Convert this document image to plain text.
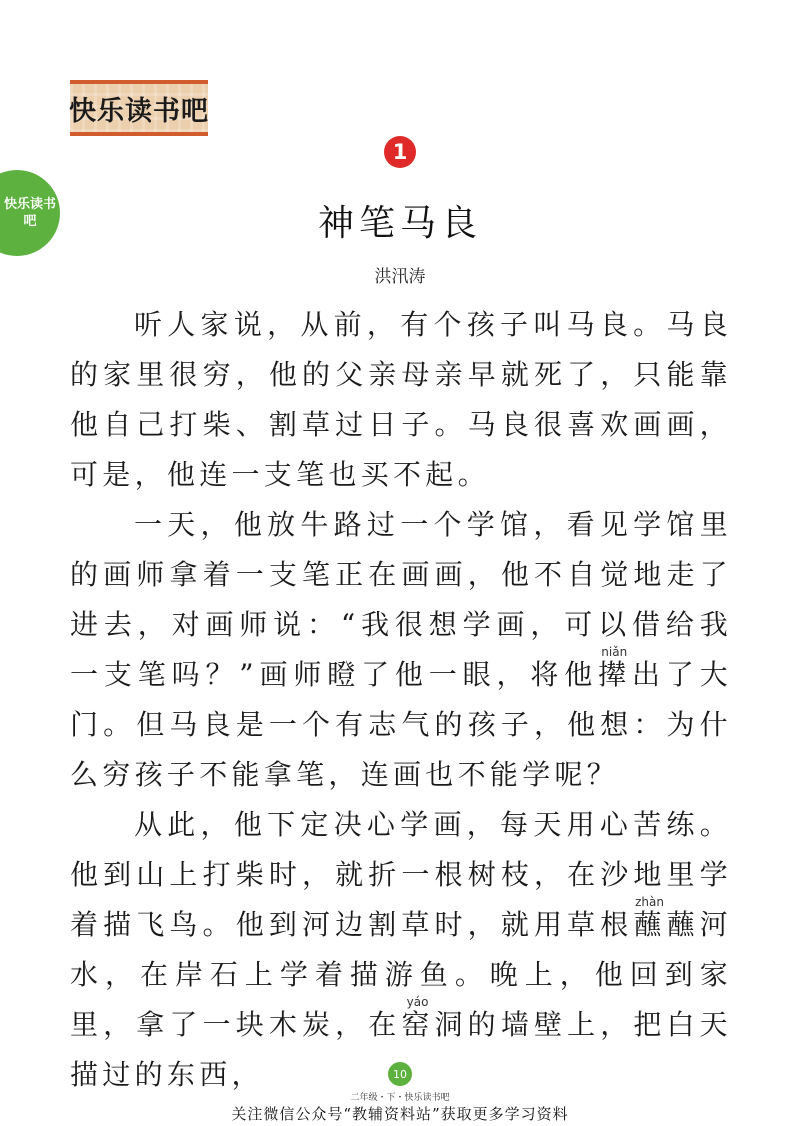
快乐读书吧
快乐读书吧
1
神笔马良
洪汛涛

听人家说，从前，有个孩子叫马良。马良的家里很穷，他的父亲母亲早就死了，只能靠他自己打柴、割草过日子。马良很喜欢画画，可是，他连一支笔也买不起。

一天，他放牛路过一个学馆，看见学馆里的画师拿着一支笔正在画画，他不自觉地走了进去，对画师说：“我很想学画，可以借给我一支笔吗？”画师瞪了他一眼，将他撵niǎn出了大门。但马良是一个有志气的孩子，他想：为什么穷孩子不能拿笔，连画也不能学呢？

从此，他下定决心学画，每天用心苦练。他到山上打柴时，就折一根树枝，在沙地里学着描飞鸟。他到河边割草时，就用草根蘸zhàn蘸河水，在岸石上学着描游鱼。晚上，他回到家里，拿了一块木炭，在窑yáo洞的墙壁上，把白天描过的东西，	10
二年级・下・快乐读书吧
关注微信公众号“教辅资料站”获取更多学习资料
